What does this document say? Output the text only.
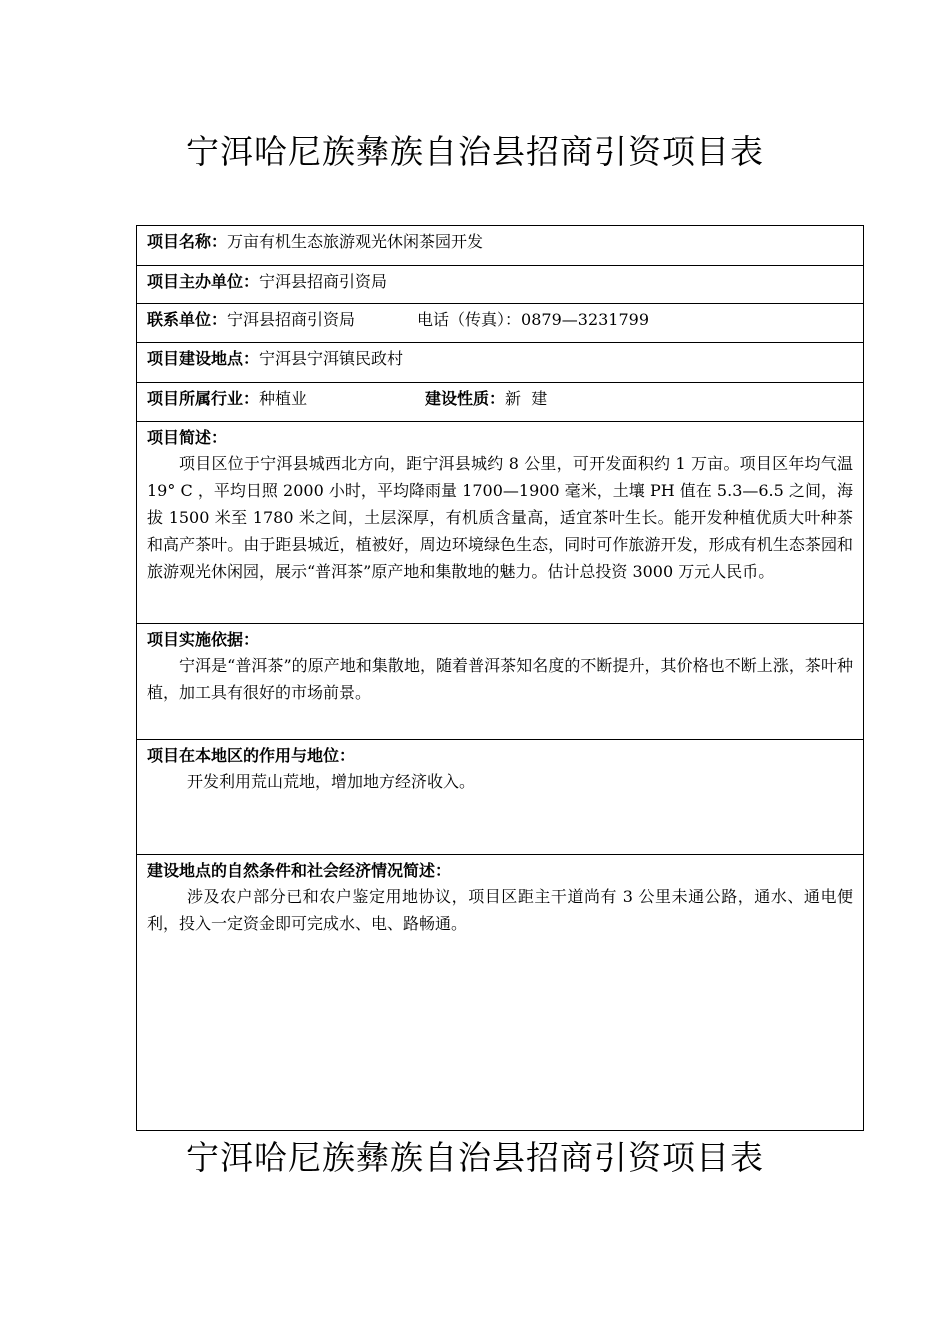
宁洱哈尼族彝族自治县招商引资项目表
项目名称：万亩有机生态旅游观光休闲茶园开发
项目主办单位：宁洱县招商引资局
联系单位：宁洱县招商引资局	电话（传真）：0879—3231799
项目建设地点：宁洱县宁洱镇民政村
项目所属行业：种植业	建设性质：新  建
项目简述：
项目区位于宁洱县城西北方向，距宁洱县城约 8 公里，可开发面积约 1 万亩。项目区年均气温 19° C ，平均日照 2000 小时，平均降雨量 1700—1900 毫米，土壤 PH 值在 5.3—6.5 之间，海拔 1500 米至 1780 米之间，土层深厚，有机质含量高，适宜茶叶生长。能开发种植优质大叶种茶和高产茶叶。由于距县城近，植被好，周边环境绿色生态，同时可作旅游开发，形成有机生态茶园和旅游观光休闲园，展示“普洱茶”原产地和集散地的魅力。估计总投资 3000 万元人民币。
项目实施依据：
宁洱是“普洱茶”的原产地和集散地，随着普洱茶知名度的不断提升，其价格也不断上涨，茶叶种植，加工具有很好的市场前景。
项目在本地区的作用与地位：
开发利用荒山荒地，增加地方经济收入。
建设地点的自然条件和社会经济情况简述：
涉及农户部分已和农户鉴定用地协议，项目区距主干道尚有 3 公里未通公路，通水、通电便利，投入一定资金即可完成水、电、路畅通。
宁洱哈尼族彝族自治县招商引资项目表
